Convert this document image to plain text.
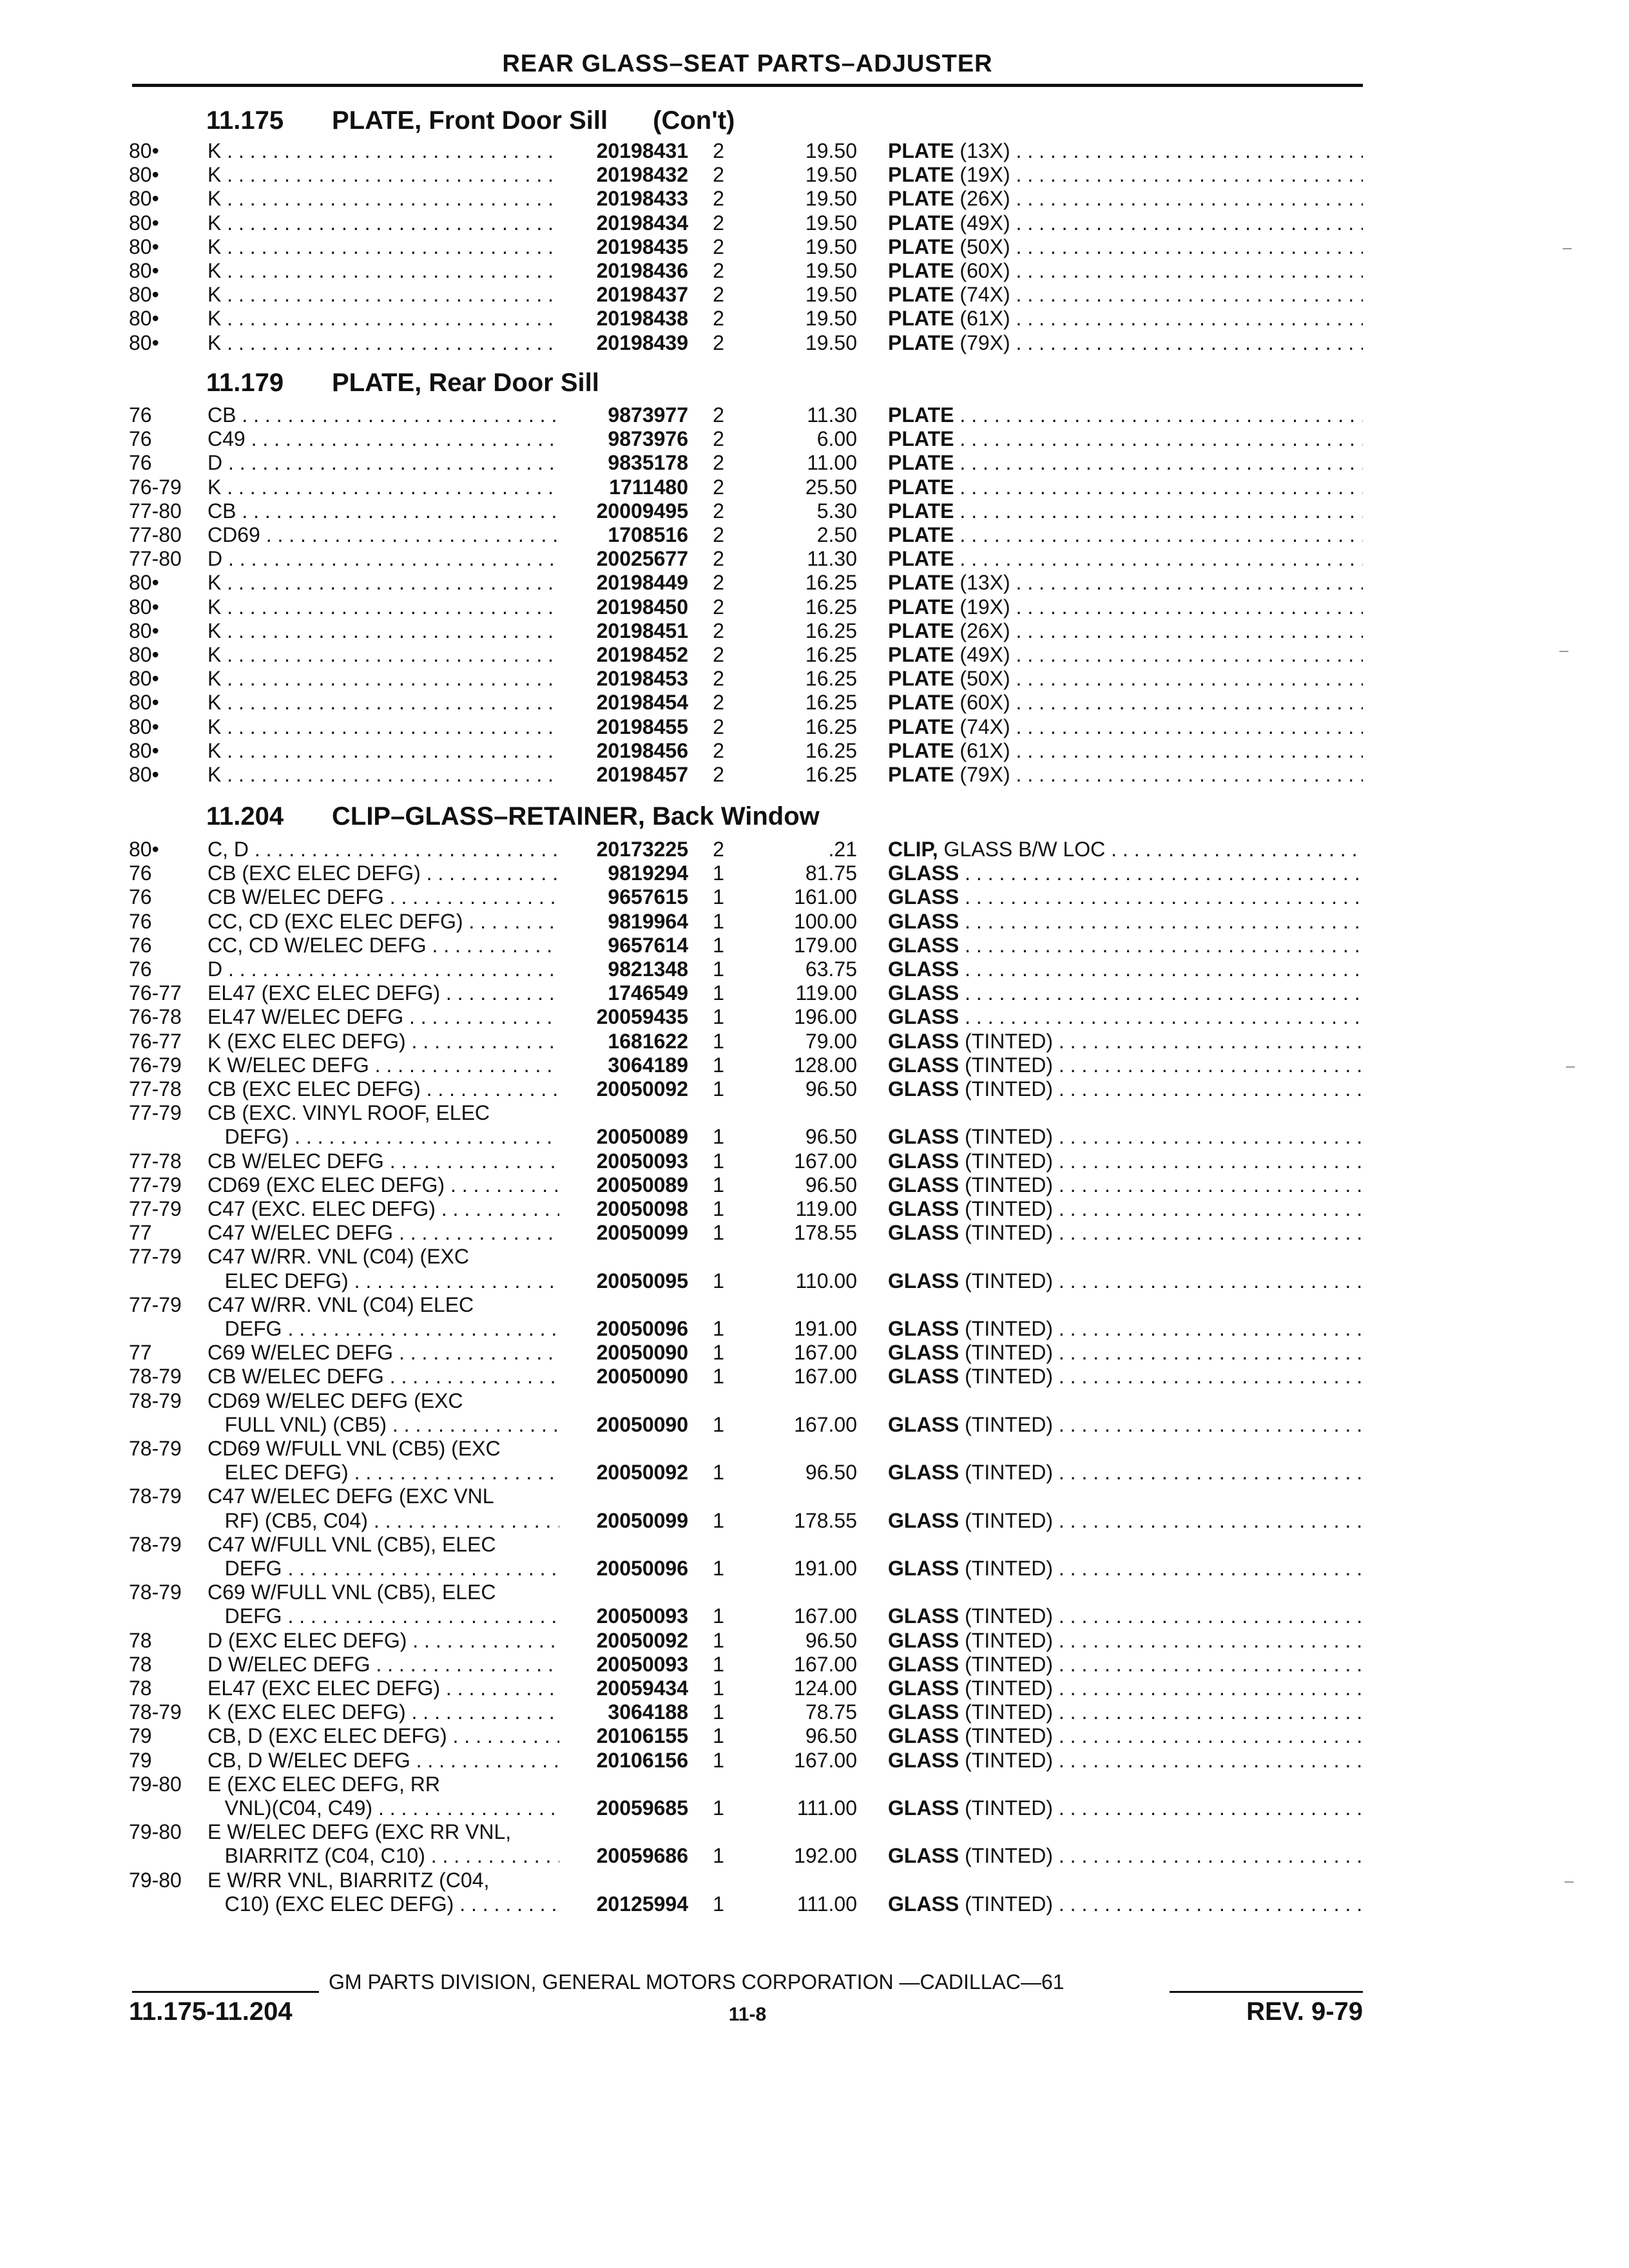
REAR GLASS–SEAT PARTS–ADJUSTER
11.175 PLATE, Front Door Sill (Con't)
80•	K . . .	20198431 2	19.50 PLATE (13X) . . .
80•	K . . .	20198432 2	19.50 PLATE (19X) . . .
80•	K . . .	20198433 2	19.50 PLATE (26X) . . .
80•	K . . .	20198434 2	19.50 PLATE (49X) . . .
80•	K . . .	20198435 2	19.50 PLATE (50X) . . .
80•	K . . .	20198436 2	19.50 PLATE (60X) . . .
80•	K . . .	20198437 2	19.50 PLATE (74X) . . .
80•	K . . .	20198438 2	19.50 PLATE (61X) . . .
80•	K . . .	20198439 2	19.50 PLATE (79X) . . .
11.179 PLATE, Rear Door Sill
76	CB . . .	9873977 2	11.30 PLATE . . .
76	C49 . . .	9873976 2	6.00 PLATE . . .
76	D . . .	9835178 2	11.00 PLATE . . .
76-79	K . . .	1711480 2	25.50 PLATE . . .
77-80	CB . . .	20009495 2	5.30 PLATE . . .
77-80	CD69 . . .	1708516 2	2.50 PLATE . . .
77-80	D . . .	20025677 2	11.30 PLATE . . .
80•	K . . .	20198449 2	16.25 PLATE (13X) . . .
80•	K . . .	20198450 2	16.25 PLATE (19X) . . .
80•	K . . .	20198451 2	16.25 PLATE (26X) . . .
80•	K . . .	20198452 2	16.25 PLATE (49X) . . .
80•	K . . .	20198453 2	16.25 PLATE (50X) . . .
80•	K . . .	20198454 2	16.25 PLATE (60X) . . .
80•	K . . .	20198455 2	16.25 PLATE (74X) . . .
80•	K . . .	20198456 2	16.25 PLATE (61X) . . .
80•	K . . .	20198457 2	16.25 PLATE (79X) . . .
11.204 CLIP–GLASS–RETAINER, Back Window
80•	C, D . . .	20173225 2	.21 CLIP, GLASS B/W LOC . . .
76	CB (EXC ELEC DEFG) . . .	9819294 1	81.75 GLASS . . .
76	CB W/ELEC DEFG . . .	9657615 1	161.00 GLASS . . .
76	CC, CD (EXC ELEC DEFG) . . .	9819964 1	100.00 GLASS . . .
76	CC, CD W/ELEC DEFG . . .	9657614 1	179.00 GLASS . . .
76	D . . .	9821348 1	63.75 GLASS . . .
76-77	EL47 (EXC ELEC DEFG) . . .	1746549 1	119.00 GLASS . . .
76-78	EL47 W/ELEC DEFG . . .	20059435 1	196.00 GLASS . . .
76-77	K (EXC ELEC DEFG) . . .	1681622 1	79.00 GLASS (TINTED) . . .
76-79	K W/ELEC DEFG . . .	3064189 1	128.00 GLASS (TINTED) . . .
77-78	CB (EXC ELEC DEFG) . . .	20050092 1	96.50 GLASS (TINTED) . . .
77-79	CB (EXC. VINYL ROOF, ELEC
DEFG) . . .	20050089 1	96.50 GLASS (TINTED) . . .
77-78	CB W/ELEC DEFG . . .	20050093 1	167.00 GLASS (TINTED) . . .
77-79	CD69 (EXC ELEC DEFG) . . .	20050089 1	96.50 GLASS (TINTED) . . .
77-79	C47 (EXC. ELEC DEFG) . . .	20050098 1	119.00 GLASS (TINTED) . . .
77	C47 W/ELEC DEFG . . .	20050099 1	178.55 GLASS (TINTED) . . .
77-79	C47 W/RR. VNL (C04) (EXC
ELEC DEFG) . . .	20050095 1	110.00 GLASS (TINTED) . . .
77-79	C47 W/RR. VNL (C04) ELEC
DEFG . . .	20050096 1	191.00 GLASS (TINTED) . . .
77	C69 W/ELEC DEFG . . .	20050090 1	167.00 GLASS (TINTED) . . .
78-79	CB W/ELEC DEFG . . .	20050090 1	167.00 GLASS (TINTED) . . .
78-79	CD69 W/ELEC DEFG (EXC
FULL VNL) (CB5) . . .	20050090 1	167.00 GLASS (TINTED) . . .
78-79	CD69 W/FULL VNL (CB5) (EXC
ELEC DEFG) . . .	20050092 1	96.50 GLASS (TINTED) . . .
78-79	C47 W/ELEC DEFG (EXC VNL
RF) (CB5, C04) . . .	20050099 1	178.55 GLASS (TINTED) . . .
78-79	C47 W/FULL VNL (CB5), ELEC
DEFG . . .	20050096 1	191.00 GLASS (TINTED) . . .
78-79	C69 W/FULL VNL (CB5), ELEC
DEFG . . .	20050093 1	167.00 GLASS (TINTED) . . .
78	D (EXC ELEC DEFG) . . .	20050092 1	96.50 GLASS (TINTED) . . .
78	D W/ELEC DEFG . . .	20050093 1	167.00 GLASS (TINTED) . . .
78	EL47 (EXC ELEC DEFG) . . .	20059434 1	124.00 GLASS (TINTED) . . .
78-79	K (EXC ELEC DEFG) . . .	3064188 1	78.75 GLASS (TINTED) . . .
79	CB, D (EXC ELEC DEFG) . . .	20106155 1	96.50 GLASS (TINTED) . . .
79	CB, D W/ELEC DEFG . . .	20106156 1	167.00 GLASS (TINTED) . . .
79-80	E (EXC ELEC DEFG, RR
VNL)(C04, C49) . . .	20059685 1	111.00 GLASS (TINTED) . . .
79-80	E W/ELEC DEFG (EXC RR VNL,
BIARRITZ (C04, C10) . . .	20059686 1	192.00 GLASS (TINTED) . . .
79-80	E W/RR VNL, BIARRITZ (C04,
C10) (EXC ELEC DEFG) . . .	20125994 1	111.00 GLASS (TINTED) . . .
GM PARTS DIVISION, GENERAL MOTORS CORPORATION —CADILLAC—61
11.175-11.204	11-8	REV. 9-79
